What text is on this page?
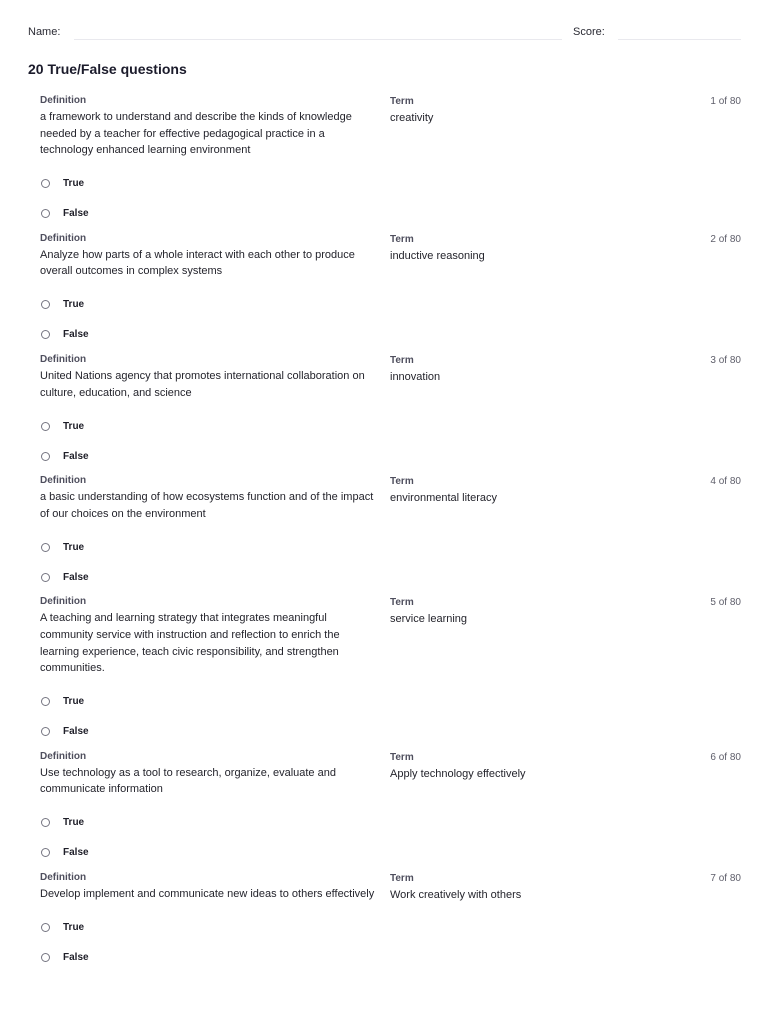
Name:	Score:
20 True/False questions
Definition
a framework to understand and describe the kinds of knowledge needed by a teacher for effective pedagogical practice in a technology enhanced learning environment
Term
creativity
1 of 80
True
False
Definition
Analyze how parts of a whole interact with each other to produce overall outcomes in complex systems
Term
inductive reasoning
2 of 80
True
False
Definition
United Nations agency that promotes international collaboration on culture, education, and science
Term
innovation
3 of 80
True
False
Definition
a basic understanding of how ecosystems function and of the impact of our choices on the environment
Term
environmental literacy
4 of 80
True
False
Definition
A teaching and learning strategy that integrates meaningful community service with instruction and reflection to enrich the learning experience, teach civic responsibility, and strengthen communities.
Term
service learning
5 of 80
True
False
Definition
Use technology as a tool to research, organize, evaluate and communicate information
Term
Apply technology effectively
6 of 80
True
False
Definition
Develop implement and communicate new ideas to others effectively
Term
Work creatively with others
7 of 80
True
False
